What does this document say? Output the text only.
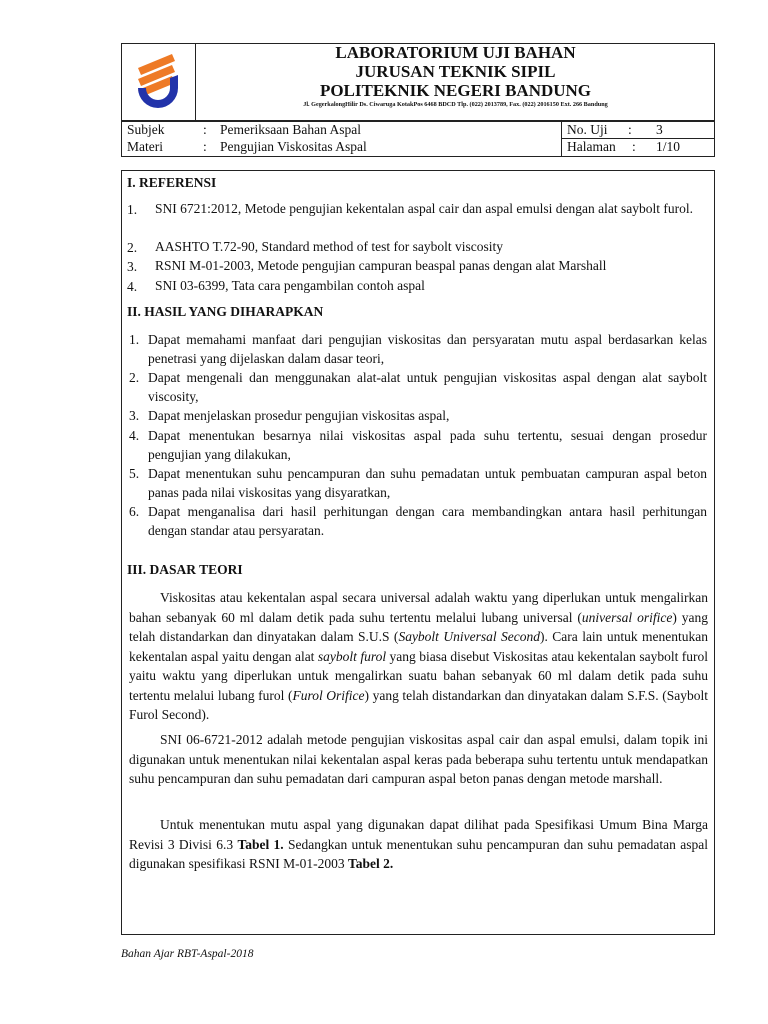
LABORATORIUM UJI BAHAN
JURUSAN TEKNIK SIPIL
POLITEKNIK NEGERI BANDUNG
Jl. GegerkalongHilir Ds. Ciwaruga KotakPos 6468 BDCD Tlp. (022) 2013789, Fax. (022) 2016150 Ext. 266 Bandung
Subjek	: Pemeriksaan Bahan Aspal
Materi	: Pengujian Viskositas Aspal
No. Uji : 3
Halaman : 1/10
I. REFERENSI
1. SNI 6721:2012, Metode pengujian kekentalan aspal cair dan aspal emulsi dengan alat saybolt furol.
2. AASHTO T.72-90, Standard method of test for saybolt viscosity
3. RSNI M-01-2003, Metode pengujian campuran beaspal panas dengan alat Marshall
4. SNI 03-6399, Tata cara pengambilan contoh aspal
II. HASIL YANG DIHARAPKAN
1. Dapat memahami manfaat dari pengujian viskositas dan persyaratan mutu aspal berdasarkan kelas penetrasi yang dijelaskan dalam dasar teori,
2. Dapat mengenali dan menggunakan alat-alat untuk pengujian viskositas aspal dengan alat saybolt viscosity,
3. Dapat menjelaskan prosedur pengujian viskositas aspal,
4. Dapat menentukan besarnya nilai viskositas aspal pada suhu tertentu, sesuai dengan prosedur pengujian yang dilakukan,
5. Dapat menentukan suhu pencampuran dan suhu pemadatan untuk pembuatan campuran aspal beton panas pada nilai viskositas yang disyaratkan,
6. Dapat menganalisa dari hasil perhitungan dengan cara membandingkan antara hasil perhitungan dengan standar atau persyaratan.
III. DASAR TEORI
Viskositas atau kekentalan aspal secara universal adalah waktu yang diperlukan untuk mengalirkan bahan sebanyak 60 ml dalam detik pada suhu tertentu melalui lubang universal (universal orifice) yang telah distandarkan dan dinyatakan dalam S.U.S (Saybolt Universal Second). Cara lain untuk menentukan kekentalan aspal yaitu dengan alat saybolt furol yang biasa disebut Viskositas atau kekentalan saybolt furol yaitu waktu yang diperlukan untuk mengalirkan suatu bahan sebanyak 60 ml dalam detik pada suhu tertentu melalui lubang furol (Furol Orifice) yang telah distandarkan dan dinyatakan dalam S.F.S. (Saybolt Furol Second).
SNI 06-6721-2012 adalah metode pengujian viskositas aspal cair dan aspal emulsi, dalam topik ini digunakan untuk menentukan nilai kekentalan aspal keras pada beberapa suhu tertentu untuk mendapatkan suhu pencampuran dan suhu pemadatan dari campuran aspal beton panas dengan metode marshall.
Untuk menentukan mutu aspal yang digunakan dapat dilihat pada Spesifikasi Umum Bina Marga Revisi 3 Divisi 6.3 Tabel 1. Sedangkan untuk menentukan suhu pencampuran dan suhu pemadatan aspal digunakan spesifikasi RSNI M-01-2003 Tabel 2.
Bahan Ajar RBT-Aspal-2018
